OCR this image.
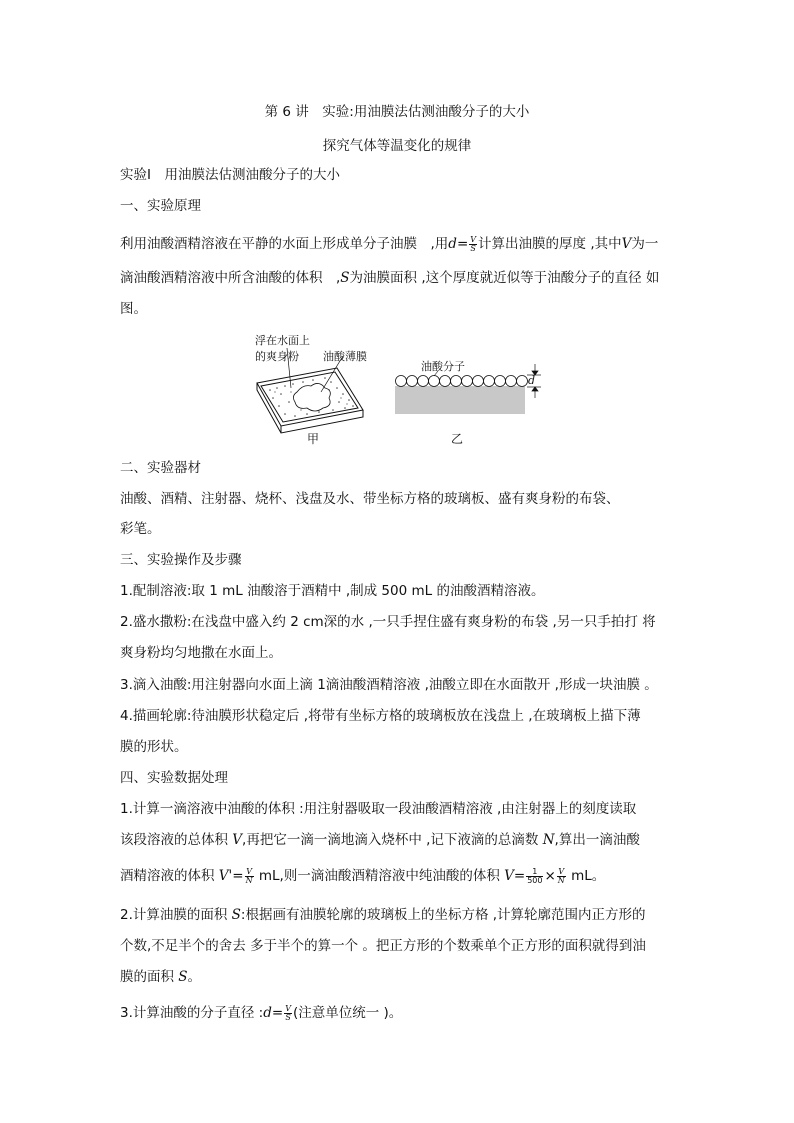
第 6 讲　实验:用油膜法估测油酸分子的大小
探究气体等温变化的规律
实验Ⅰ　用油膜法估测油酸分子的大小
一、实验原理
利用油酸酒精溶液在平静的水面上形成单分子油膜　,用$d= \frac{V}{S}$ 计算出油膜的厚度 ,其中V为一
滴油酸酒精溶液中所含油酸的体积　,S为油膜面积 ,这个厚度就近似等于油酸分子的直径 如
图。
浮在水面上
的爽身粉	油酸薄膜
油酸分子
d
甲	乙
二、实验器材
油酸、酒精、注射器、烧杯、浅盘及水、带坐标方格的玻璃板、盛有爽身粉的布袋、
彩笔。
三、实验操作及步骤
1.配制溶液:取 1 mL 油酸溶于酒精中 ,制成 500 mL 的油酸酒精溶液。
2.盛水撒粉:在浅盘中盛入约 2 cm深的水 ,一只手捏住盛有爽身粉的布袋 ,另一只手拍打 将
爽身粉均匀地撒在水面上。
3.滴入油酸:用注射器向水面上滴 1滴油酸酒精溶液 ,油酸立即在水面散开 ,形成一块油膜 。
4.描画轮廓:待油膜形状稳定后 ,将带有坐标方格的玻璃板放在浅盘上 ,在玻璃板上描下薄
膜的形状。
四、实验数据处理
1.计算一滴溶液中油酸的体积 :用注射器吸取一段油酸酒精溶液 ,由注射器上的刻度读取
该段溶液的总体积 V,再把它一滴一滴地滴入烧杯中 ,记下液滴的总滴数 N,算出一滴油酸
酒精溶液的体积 $V'= \frac{V}{N}$ mL,则一滴油酸酒精溶液中纯油酸的体积 $V= \frac{1}{500} \times \frac{V}{N}$ mL。
2.计算油膜的面积 S:根据画有油膜轮廓的玻璃板上的坐标方格 ,计算轮廓范围内正方形的
个数,不足半个的舍去 多于半个的算一个 。把正方形的个数乘单个正方形的面积就得到油
膜的面积 S。
3.计算油酸的分子直径 :d= $\frac{V}{S}$ (注意单位统一 )。
